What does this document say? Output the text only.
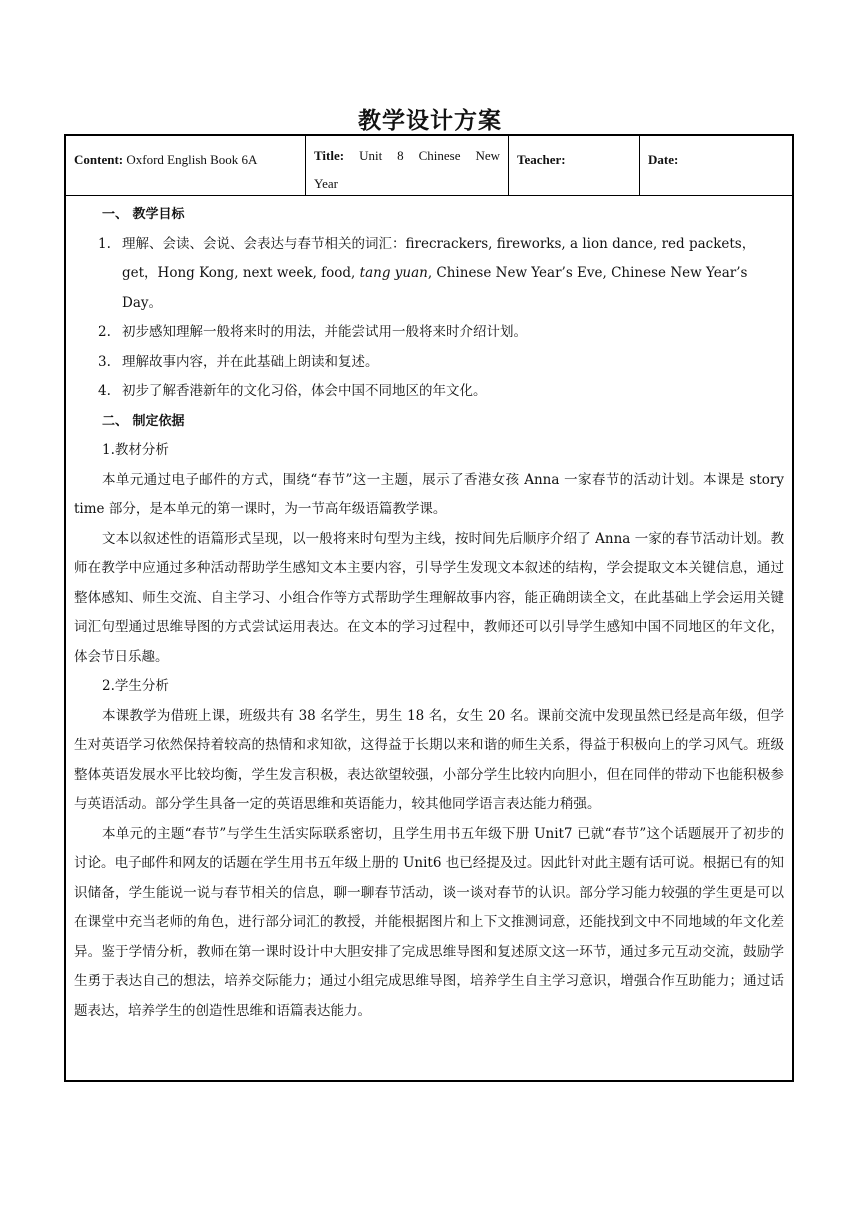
教学设计方案
Content: Oxford English Book 6A	Title: Unit 8 Chinese New
Year
Teacher:	Date:
一、 教学目标
1. 理解、会读、会说、会表达与春节相关的词汇：firecrackers, fireworks, a lion dance, red packets，get，Hong Kong, next week, food, tang yuan, Chinese New Year’s Eve, Chinese New Year’s Day。
2. 初步感知理解一般将来时的用法，并能尝试用一般将来时介绍计划。
3. 理解故事内容，并在此基础上朗读和复述。
4. 初步了解香港新年的文化习俗，体会中国不同地区的年文化。
二、 制定依据
1.教材分析
本单元通过电子邮件的方式，围绕“春节”这一主题，展示了香港女孩 Anna 一家春节的活动计划。本课是 story time 部分，是本单元的第一课时，为一节高年级语篇教学课。
文本以叙述性的语篇形式呈现，以一般将来时句型为主线，按时间先后顺序介绍了 Anna 一家的春节活动计划。教师在教学中应通过多种活动帮助学生感知文本主要内容，引导学生发现文本叙述的结构，学会提取文本关键信息，通过整体感知、师生交流、自主学习、小组合作等方式帮助学生理解故事内容，能正确朗读全文，在此基础上学会运用关键词汇句型通过思维导图的方式尝试运用表达。在文本的学习过程中，教师还可以引导学生感知中国不同地区的年文化，体会节日乐趣。
2.学生分析
本课教学为借班上课，班级共有 38 名学生，男生 18 名，女生 20 名。课前交流中发现虽然已经是高年级，但学生对英语学习依然保持着较高的热情和求知欲，这得益于长期以来和谐的师生关系，得益于积极向上的学习风气。班级整体英语发展水平比较均衡，学生发言积极，表达欲望较强，小部分学生比较内向胆小，但在同伴的带动下也能积极参与英语活动。部分学生具备一定的英语思维和英语能力，较其他同学语言表达能力稍强。
本单元的主题“春节”与学生生活实际联系密切，且学生用书五年级下册 Unit7 已就“春节”这个话题展开了初步的讨论。电子邮件和网友的话题在学生用书五年级上册的 Unit6 也已经提及过。因此针对此主题有话可说。根据已有的知识储备，学生能说一说与春节相关的信息，聊一聊春节活动，谈一谈对春节的认识。部分学习能力较强的学生更是可以在课堂中充当老师的角色，进行部分词汇的教授，并能根据图片和上下文推测词意，还能找到文中不同地域的年文化差异。鉴于学情分析，教师在第一课时设计中大胆安排了完成思维导图和复述原文这一环节，通过多元互动交流，鼓励学生勇于表达自己的想法，培养交际能力；通过小组完成思维导图，培养学生自主学习意识，增强合作互助能力；通过话题表达，培养学生的创造性思维和语篇表达能力。
